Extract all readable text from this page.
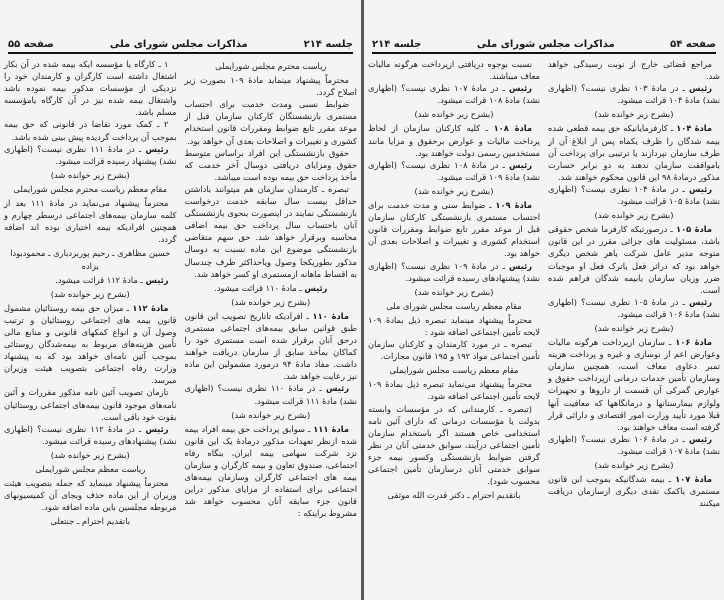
جلسه ۲۱۴
مذاکرات مجلس شورای ملی
صفحه ۵۵
ریاست محترم مجلس شورایملی
محترماً پیشنهاد مینماید مادۀ ۱۰۹ بصورت زیر اصلاح گردد.
ضوابط نسبی ومدت خدمت برای احتساب مستمری بازنشستگان کارکنان سازمان قبل از موعد مقرر تابع ضوابط ومقررات قانون استخدام کشوری و تغییرات و اصلاحات بعدی آن خواهد بود.
حقوق بازنشستگی این افراد براساس متوسط حقوق ومزایای دریافتی دوسال آخر خدمت که مأخذ پرداخت حق بیمه بوده است میباشد.
تبصره ـ کارمندان سازمان هم میتوانند باداشتن حداقل بیست سال سابقه خدمت درخواست بازنشستگی نمایند در اینصورت بنحوی بازنشستگی آنان باحتساب سال پرداخت حق بیمه اضافی محاسبه وبرقرار خواهد شد. حق سهم متقاضی بازنشستگی موضوع این ماده نسبت به دوسال مذکور بطوریکجا وصول ویاحداکثر ظرف چندسال به اقساط ماهانه ازمستمری او کسر خواهد شد.
رئیس ـ مادۀ ۱۱۰ قرائت میشود.
(بشرح زیر خوانده شد)
مادۀ ۱۱۰ ـ افرادیکه تاتاریخ تصویب این قانون طبق قوانین سابق بیمه‌های اجتماعی مستمری درحق آنان برقرار شده است مستمری خود را کماکان بمأخذ سابق از سازمان دریافت خواهند داشت. مفاد مادۀ ۹۴ درمورد مشمولین این ماده نیز رعایت خواهد شد.
رئیس ـ در مادۀ ۱۱۰ نظری نیست؟ (اظهاری نشد) مادۀ ۱۱۱ قرائت میشود.
(بشرح زیر خوانده شد)
مادۀ ۱۱۱ ـ سوابق پرداخت حق بیمه افراد بیمه شده ازنظر تعهدات مذکور درمادۀ یک این قانون نزد شرکت سهامی بیمه ایران، بنگاه رفاه اجتماعی، صندوق تعاون و بیمه کارگران و سازمان بیمه های اجتماعی کارگران وسازمان بیمه‌های اجتماعی برای استفاده از مزایای مذکور دراین قانون جزء سابقه آنان محسوب خواهد شد مشروط براینکه :
۱ ـ کارگاه یا مؤسسه ایکه بیمه شده در آن بکار اشتغال داشته است کارگران و کارمندان خود را نزدیکی از مؤسسات مذکور بیمه نموده باشد واشتغال بیمه شده نیز در آن کارگاه یامؤسسه مسلم باشد.
۲ ـ کمک مورد تقاضا در قانونی که حق بیمه بموجب آن پرداخت گردیده پیش بینی شده باشد.
رئیس ـ در مادۀ ۱۱۱ نظری نیست؟ (اظهاری نشد) پیشنهاد رسیده قرائت میشود.
(بشرح زیر خوانده شد)
مقام معظم ریاست محترم مجلس شورایملی
محترماً پیشنهاد می‌نماید در مادۀ ۱۱۱ بعد از کلمه سازمان بیمه‌های اجتماعی درسطر چهارم و همچنین افرادیکه بیمه اختیاری بوده اند اضافه گردد.
حسین مظاهری ـ رحیم پوربردباری ـ محمودبودا یزاده
رئیس ـ مادۀ ۱۱۲ قرائت میشود.
(بشرح زیر خوانده شد)
مادۀ ۱۱۲ ـ میزان حق بیمه روستائیان مشمول قانون بیمه های اجتماعی روستائیان و ترتیب وصول آن و انواع کمکهای قانونی و منابع مالی تأمین هزینه‌های مربوط به بیمه‌شدگان روستائی بموجب آئین نامه‌ای خواهد بود که به پیشنهاد وزارت رفاه اجتماعی بتصویب هیئت وزیران میرسد.
تازمان تصویب آئین نامه مذکور مقررات و آئین نامه‌های موجود قانون بیمه‌های اجتماعی روستائیان بقوت خود باقی است.
رئیس ـ در مادۀ ۱۱۲ نظری نیست؟ (اظهاری نشد) پیشنهادهای رسیده قرائت میشود.
(بشرح زیر خوانده شد)
ریاست معظم مجلس شورایملی
محترماً پیشنهاد مینماید که جمله بتصویب هیئت وزیران از این ماده حذف وبجای آن کمیسیونهای مربوطه مجلسین باین ماده اضافه شود.
باتقدیم احترام ـ جنتعلی
صفحه ۵۴
مذاکرات مجلس شورای ملی
جلسه ۲۱۴
مراجع قضائی خارج از نوبت رسیدگی خواهد شد.
رئیس ـ در مادۀ ۱۰۳ نظری نیست؟ (اظهاری نشد) مادۀ ۱۰۴ قرائت میشود.
(بشرح زیر خوانده شد)
مادۀ ۱۰۴ ـ کارفرمایانیکه حق بیمه قطعی شده بیمه شدگان را ظرف یکماه پس از ابلاغ آن از طرف سازمان نپردازند یا ترتیبی برای پرداخت آن باموافقت سازمان ندهند به دو برابر خسارت مذکور درمادۀ ۹۸ این قانون محکوم خواهند شد.
رئیس ـ در مادۀ ۱۰۴ نظری نیست؟ (اظهاری نشد) مادۀ ۱۰۵ قرائت میشود.
(بشرح زیر خوانده شد)
مادۀ ۱۰۵ ـ درصورتیکه کارفرما شخص حقوقی باشد، مسئولیت های جزائی مقرر در این قانون متوجه مدیر عامل شرکت یاهر شخص دیگری خواهد بود که دراثر فعل یاترک فعل او موجبات ضرر وزیان سازمان یابیمه شدگان فراهم شده است.
رئیس ـ در مادۀ ۱۰۵ نظری نیست؟ (اظهاری نشد) مادۀ ۱۰۶ قرائت میشود.
(بشرح زیر خوانده شد)
مادۀ ۱۰۶ ـ سازمان ازپرداخت هرگونه مالیات وعوارض اعم از نوسازی و غیره و پرداخت هزینه تمبر دعاوی معاف است، همچنین سازمان وسازمان تأمین خدمات درمانی ازپرداخت حقوق و عوارض گمرکی آن قسمت از داروها و تجهیزات ولوازم بیمارستانها و درمانگاهها که معافیت آنها قبلا مورد تأیید وزارت امور اقتصادی و دارائی قرار گرفته است معاف خواهند بود.
رئیس ـ در مادۀ ۱۰۶ نظری نیست؟ (اظهاری نشد) مادۀ ۱۰۷ قرائت میشود.
(بشرح زیر خوانده شد)
مادۀ ۱۰۷ ـ بیمه شدگانیکه بموجب این قانون مستمری یاکمک نقدی دیگری ازسازمان دریافت میکنند
نسبت بوجوه دریافتی ازپرداخت هرگونه مالیات معاف میباشند.
رئیس ـ در مادۀ ۱۰۷ نظری نیست؟ (اظهاری نشد) مادۀ ۱۰۸ قرائت میشود.
(بشرح زیر خوانده شد)
مادۀ ۱۰۸ ـ کلیه کارکنان سازمان از لحاظ پرداخت مالیات و عوارض برحقوق و مزایا مانند مستخدمین رسمی دولت خواهند بود.
رئیس ـ در مادۀ ۱۰۸ نظری نیست؟ (اظهاری نشد) مادۀ ۱۰۹ قرائت میشود.
(بشرح زیر خوانده شد)
مادۀ ۱۰۹ ـ ضوابط سنی و مدت خدمت برای احتساب مستمری بازنشستگی کارکنان سازمان قبل از موعد مقرر تابع ضوابط ومقررات قانون استخدام کشوری و تغییرات و اصلاحات بعدی آن خواهد بود.
رئیس ـ در مادۀ ۱۰۹ نظری نیست؟ (اظهاری نشد) پیشنهادهای رسیده قرائت میشود.
(بشرح زیر خوانده شد)
مقام معظم ریاست مجلس شورای ملی
محترماً پیشنهاد مینماید تبصره ذیل بمادۀ ۱۰۹ لایحه تأمین اجتماعی اضافه شود :
تبصره ـ در مورد کارمندان و کارکنان سازمان تأمین اجتماعی مواد ۱۹۲ و ۱۹۵ قانون مجازات.
مقام معظم ریاست مجلس شورایملی
محترماً پیشنهاد می‌نماید تبصره ذیل بمادۀ ۱۰۹ لایحه تأمین اجتماعی اضافه شود.
(تبصره ـ کارمندانی که در مؤسسات وابسته بدولت یا مؤسسات درمانی که دارای آئین نامه استخدامی خاص هستند اگر باستخدام سازمان تأمین اجتماعی درآیند، سوابق خدمتی آنان در نظر گرفتن ضوابط بازنشستگی وکسور بیمه جزء سوابق خدمتی آنان درسازمان تأمین اجتماعی محسوب شود).
باتقدیم احترام ـ دکتر قدرت الله موثقی
